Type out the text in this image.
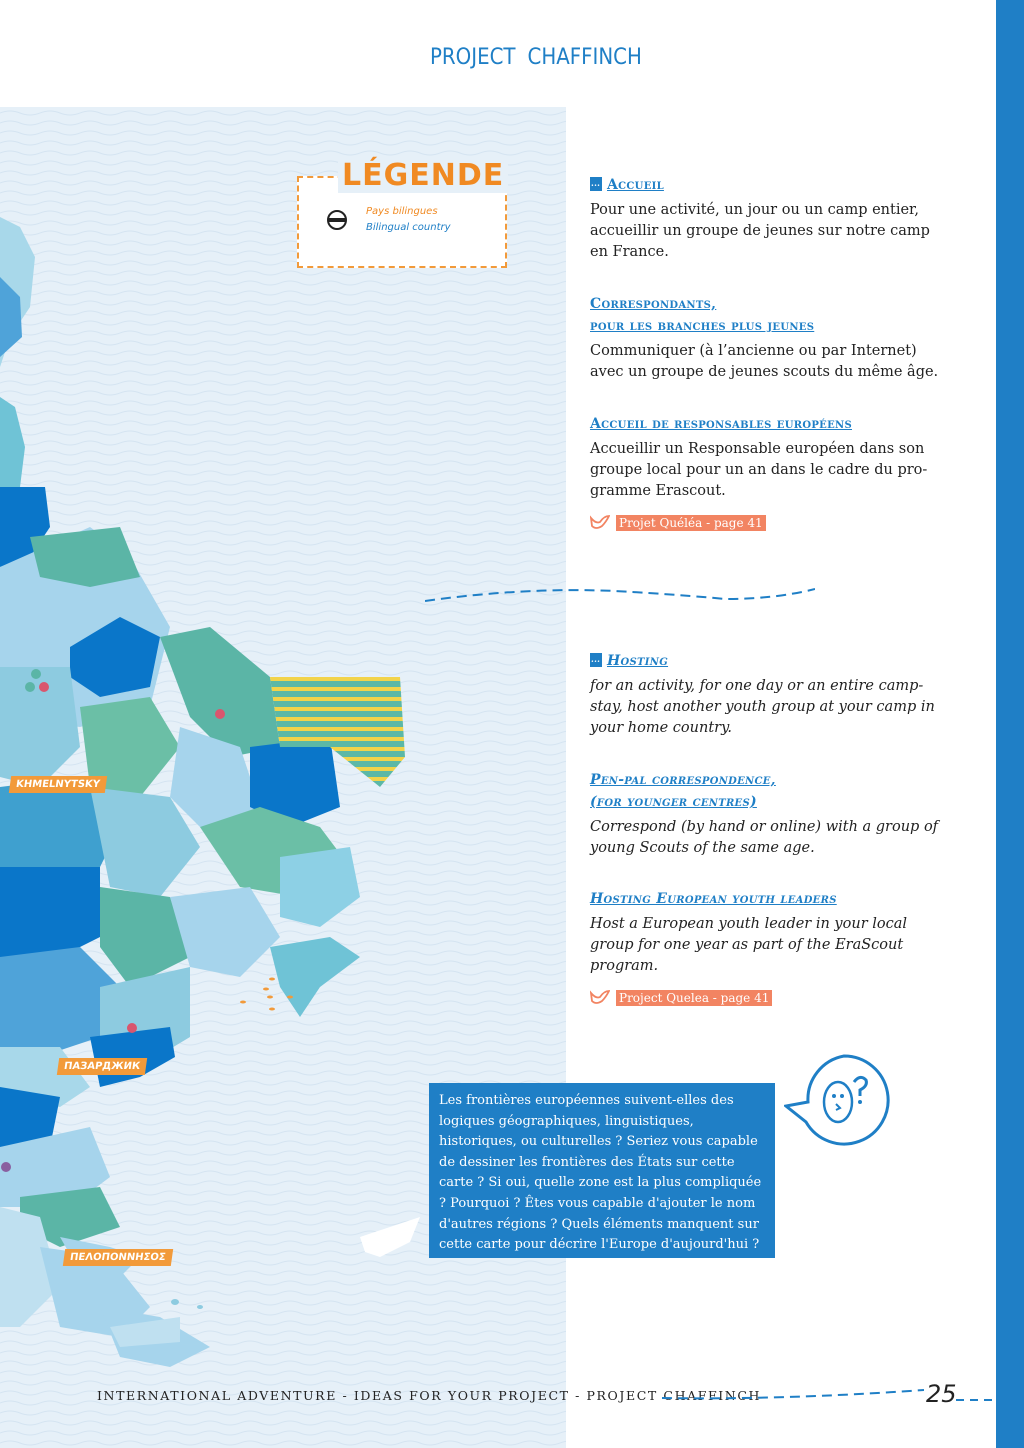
PROJECT CHAFFINCH
LÉGENDE
Pays bilingues
Bilingual country
KHMELNYTSKY
ПАЗАРДЖИК
ΠΕΛΟΠΟΝΝΗΣΟΣ

...Accueil

Pour une activité, un jour ou un camp entier, accueillir un groupe de jeunes sur notre camp en France.

Correspondants,

pour les branches plus jeunes

Communiquer (à l’ancienne ou par Internet) avec un groupe de jeunes scouts du même âge.

Accueil de responsables européens

Accueillir un Responsable européen dans son groupe local pour un an dans le cadre du pro-gramme Erascout.

Projet Quéléa - page 41

...Hosting

for an activity, for one day or an entire camp-stay, host another youth group at your camp in your home country.

Pen-pal correspondence,

(for younger centres)

Correspond (by hand or online) with a group of young Scouts of the same age.

Hosting European youth leaders

Host a European youth leader in your local group for one year as part of the EraScout program.

Project Quelea - page 41
Les frontières européennes suivent-elles des logiques géographiques, linguistiques, historiques, ou culturelles ? Seriez vous capable de dessiner les frontières des États sur cette carte ? Si oui, quelle zone est la plus compliquée ? Pourquoi ? Êtes vous capable d'ajouter le nom d'autres régions ? Quels éléments manquent sur cette carte pour décrire l'Europe d'aujourd'hui ?
INTERNATIONAL ADVENTURE - IDEAS FOR YOUR PROJECT - PROJECT CHAFFINCH	25
